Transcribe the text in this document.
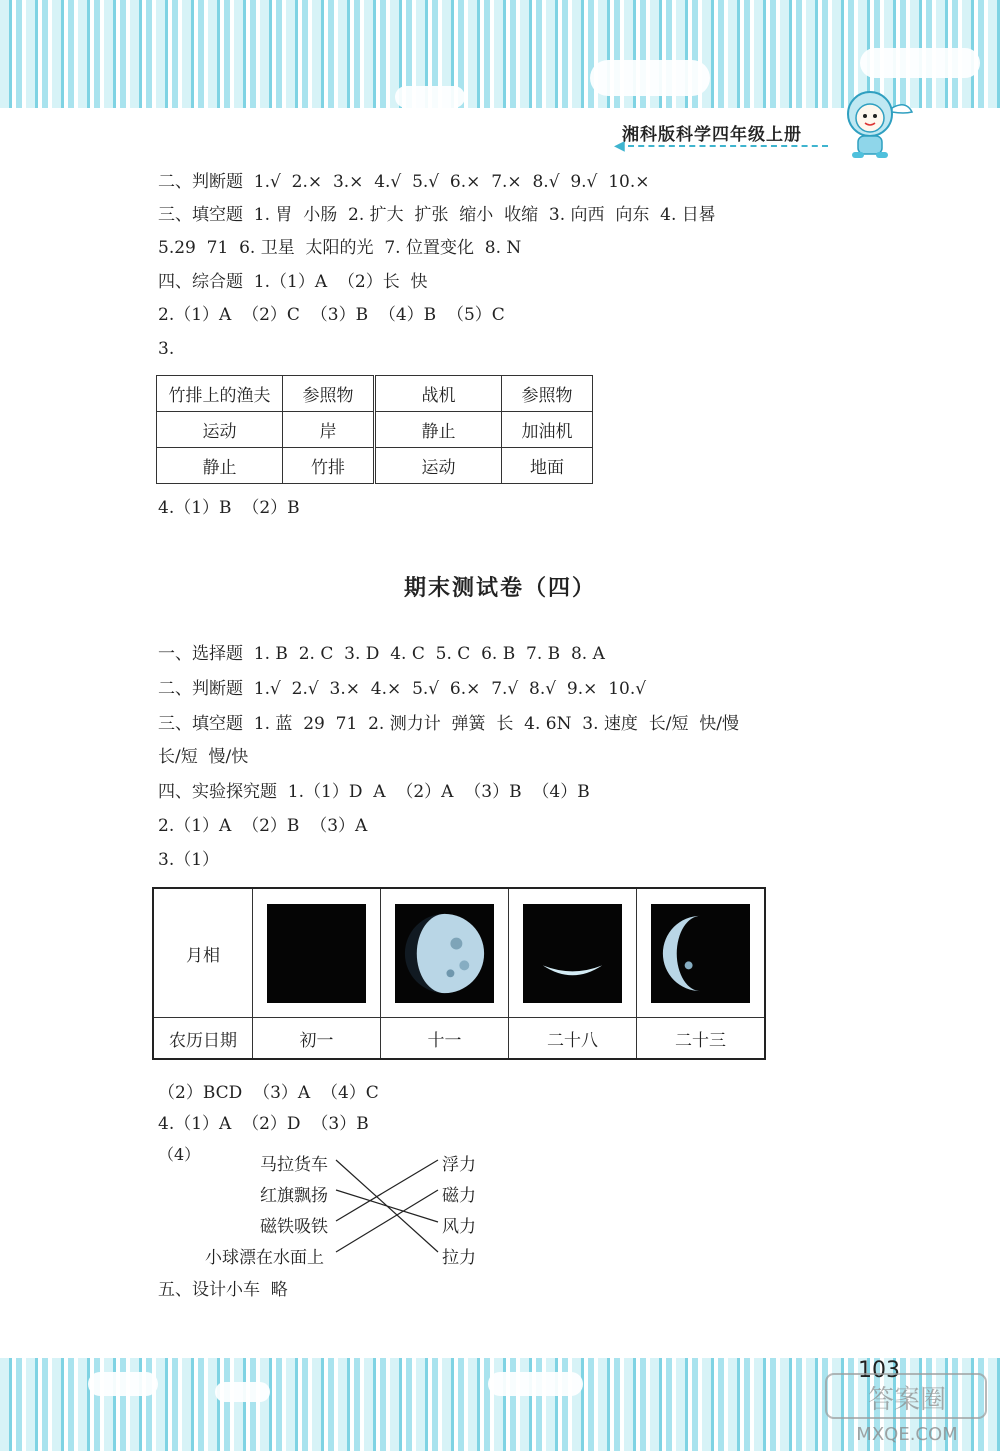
◀
湘科版科学四年级上册
二、判断题  1.√  2.×  3.×  4.√  5.√  6.×  7.×  8.√  9.√  10.×
三、填空题  1. 胃  小肠  2. 扩大  扩张  缩小  收缩  3. 向西  向东  4. 日晷
5.29  71  6. 卫星  太阳的光  7. 位置变化  8. N
四、综合题  1.（1）A  （2）长  快
2.（1）A  （2）C  （3）B  （4）B  （5）C
3.
竹排上的渔夫	参照物	战机	参照物
运动	岸	静止	加油机
静止	竹排	运动	地面
4.（1）B  （2）B
期末测试卷（四）
一、选择题  1. B  2. C  3. D  4. C  5. C  6. B  7. B  8. A
二、判断题  1.√  2.√  3.×  4.×  5.√  6.×  7.√  8.√  9.×  10.√
三、填空题  1. 蓝  29  71  2. 测力计  弹簧  长  4. 6N  3. 速度  长/短  快/慢
长/短  慢/快
四、实验探究题  1.（1）D  A  （2）A  （3）B  （4）B
2.（1）A  （2）B  （3）A
3.（1）
月相	

农历日期	初一	十一	二十八	二十三
（2）BCD  （3）A  （4）C
4.（1）A  （2）D  （3）B
（4）
马拉货车
红旗飘扬
磁铁吸铁
小球漂在水面上
浮力
磁力
风力
拉力
五、设计小车  略
103
答案圈
MXQE.COM
